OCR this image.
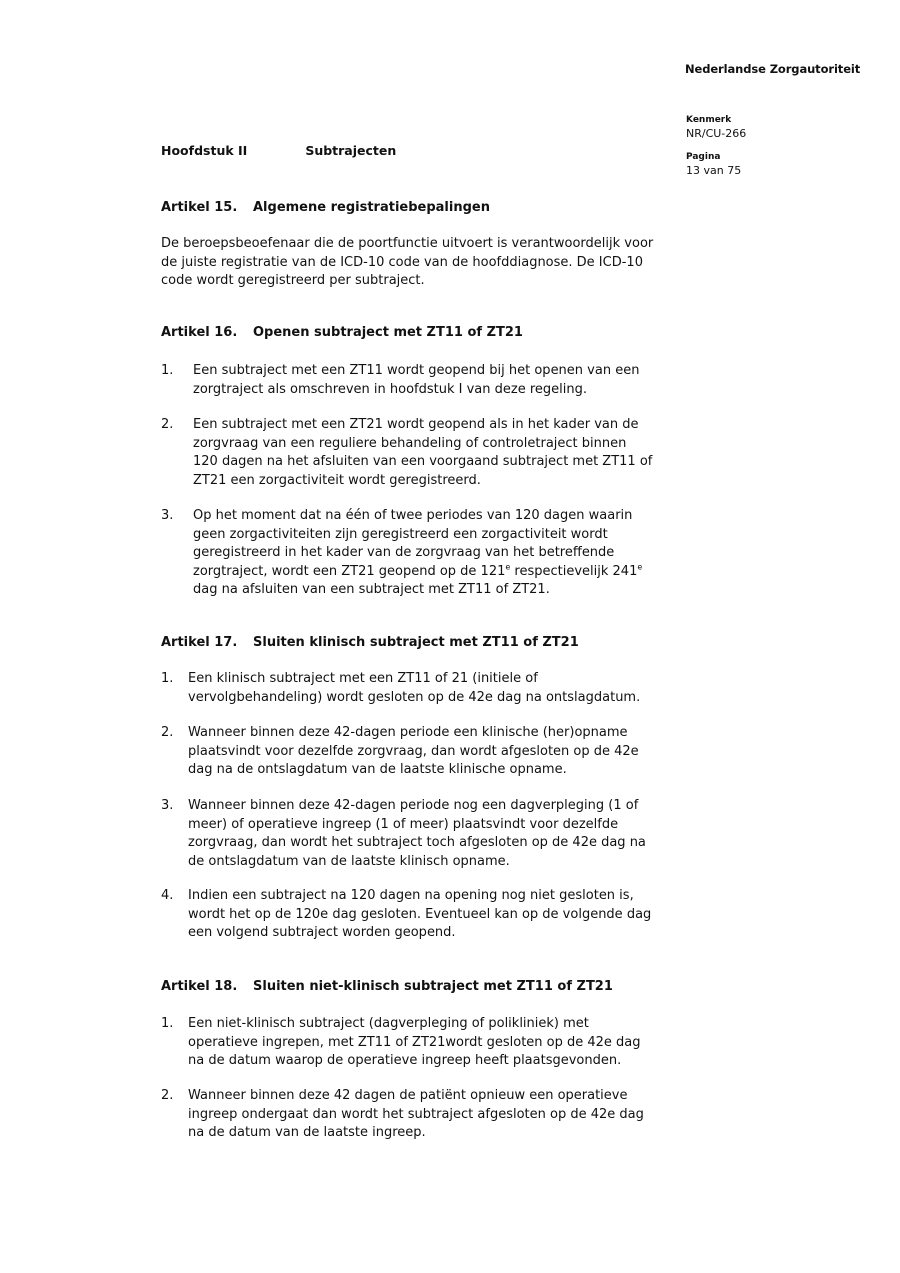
Nederlandse Zorgautoriteit
Kenmerk
NR/CU-266
Pagina
13 van 75
Hoofdstuk II	Subtrajecten
Artikel 15. Algemene registratiebepalingen
De beroepsbeoefenaar die de poortfunctie uitvoert is verantwoordelijk voor
de juiste registratie van de ICD-10 code van de hoofddiagnose. De ICD-10
code wordt geregistreerd per subtraject.
Artikel 16. Openen subtraject met ZT11 of ZT21
1. Een subtraject met een ZT11 wordt geopend bij het openen van een
zorgtraject als omschreven in hoofdstuk I van deze regeling.
2. Een subtraject met een ZT21 wordt geopend als in het kader van de
zorgvraag van een reguliere behandeling of controletraject binnen
120 dagen na het afsluiten van een voorgaand subtraject met ZT11 of
ZT21 een zorgactiviteit wordt geregistreerd.
3. Op het moment dat na één of twee periodes van 120 dagen waarin
geen zorgactiviteiten zijn geregistreerd een zorgactiviteit wordt
geregistreerd in het kader van de zorgvraag van het betreffende
zorgtraject, wordt een ZT21 geopend op de 121e respectievelijk 241e
dag na afsluiten van een subtraject met ZT11 of ZT21.
Artikel 17. Sluiten klinisch subtraject met ZT11 of ZT21
1. Een klinisch subtraject met een ZT11 of 21 (initiele of
vervolgbehandeling) wordt gesloten op de 42e dag na ontslagdatum.
2. Wanneer binnen deze 42-dagen periode een klinische (her)opname
plaatsvindt voor dezelfde zorgvraag, dan wordt afgesloten op de 42e
dag na de ontslagdatum van de laatste klinische opname.
3. Wanneer binnen deze 42-dagen periode nog een dagverpleging (1 of
meer) of operatieve ingreep (1 of meer) plaatsvindt voor dezelfde
zorgvraag, dan wordt het subtraject toch afgesloten op de 42e dag na
de ontslagdatum van de laatste klinisch opname.
4. Indien een subtraject na 120 dagen na opening nog niet gesloten is,
wordt het op de 120e dag gesloten. Eventueel kan op de volgende dag
een volgend subtraject worden geopend.
Artikel 18. Sluiten niet-klinisch subtraject met ZT11 of ZT21
1. Een niet-klinisch subtraject (dagverpleging of polikliniek) met
operatieve ingrepen, met ZT11 of ZT21wordt gesloten op de 42e dag
na de datum waarop de operatieve ingreep heeft plaatsgevonden.
2. Wanneer binnen deze 42 dagen de patiënt opnieuw een operatieve
ingreep ondergaat dan wordt het subtraject afgesloten op de 42e dag
na de datum van de laatste ingreep.
